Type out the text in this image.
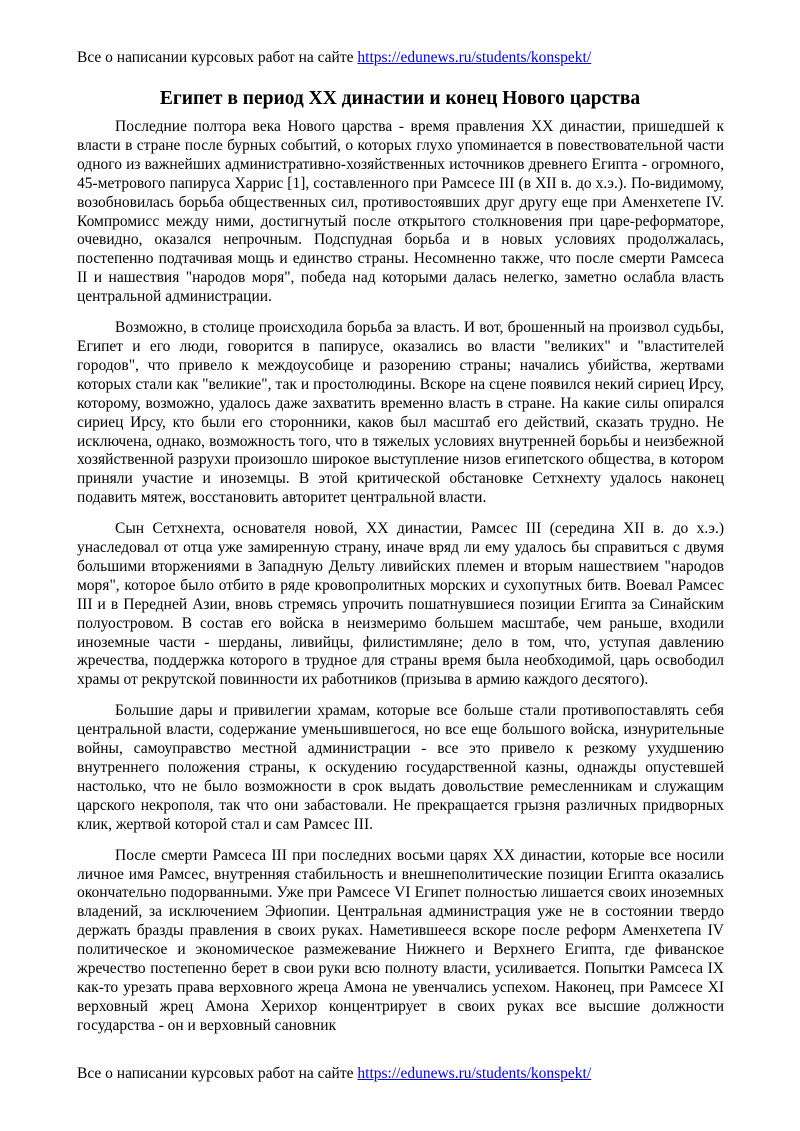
Все о написании курсовых работ на сайте https://edunews.ru/students/konspekt/
Египет в период XX династии и конец Нового царства

Последние полтора века Нового царства - время правления XX династии, пришедшей к власти в стране после бурных событий, о которых глухо упоминается в повествовательной части одного из важнейших административно-хозяйственных источников древнего Египта - огромного, 45-метрового папируса Харрис [1], составленного при Рамсесе III (в XII в. до х.э.). По-видимому, возобновилась борьба общественных сил, противостоявших друг другу еще при Аменхетепе IV. Компромисс между ними, достигнутый после открытого столкновения при царе-реформаторе, очевидно, оказался непрочным. Подспудная борьба и в новых условиях продолжалась, постепенно подтачивая мощь и единство страны. Несомненно также, что после смерти Рамсеса II и нашествия "народов моря", победа над которыми далась нелегко, заметно ослабла власть центральной администрации.

Возможно, в столице происходила борьба за власть. И вот, брошенный на произвол судьбы, Египет и его люди, говорится в папирусе, оказались во власти "великих" и "властителей городов", что привело к междоусобице и разорению страны; начались убийства, жертвами которых стали как "великие", так и простолюдины. Вскоре на сцене появился некий сириец Ирсу, которому, возможно, удалось даже захватить временно власть в стране. На какие силы опирался сириец Ирсу, кто были его сторонники, каков был масштаб его действий, сказать трудно. Не исключена, однако, возможность того, что в тяжелых условиях внутренней борьбы и неизбежной хозяйственной разрухи произошло широкое выступление низов египетского общества, в котором приняли участие и иноземцы. В этой критической обстановке Сетхнехту удалось наконец подавить мятеж, восстановить авторитет центральной власти.

Сын Сетхнехта, основателя новой, XX династии, Рамсес III (середина XII в. до х.э.) унаследовал от отца уже замиренную страну, иначе вряд ли ему удалось бы справиться с двумя большими вторжениями в Западную Дельту ливийских племен и вторым нашествием "народов моря", которое было отбито в ряде кровопролитных морских и сухопутных битв. Воевал Рамсес III и в Передней Азии, вновь стремясь упрочить пошатнувшиеся позиции Египта за Синайским полуостровом. В состав его войска в неизмеримо большем масштабе, чем раньше, входили иноземные части - шерданы, ливийцы, филистимляне; дело в том, что, уступая давлению жречества, поддержка которого в трудное для страны время была необходимой, царь освободил храмы от рекрутской повинности их работников (призыва в армию каждого десятого).

Большие дары и привилегии храмам, которые все больше стали противопоставлять себя центральной власти, содержание уменьшившегося, но все еще большого войска, изнурительные войны, самоуправство местной администрации - все это привело к резкому ухудшению внутреннего положения страны, к оскудению государственной казны, однажды опустевшей настолько, что не было возможности в срок выдать довольствие ремесленникам и служащим царского некрополя, так что они забастовали. Не прекращается грызня различных придворных клик, жертвой которой стал и сам Рамсес III.

После смерти Рамсеса III при последних восьми царях XX династии, которые все носили личное имя Рамсес, внутренняя стабильность и внешнеполитические позиции Египта оказались окончательно подорванными. Уже при Рамсесе VI Египет полностью лишается своих иноземных владений, за исключением Эфиопии. Центральная администрация уже не в состоянии твердо держать бразды правления в своих руках. Наметившееся вскоре после реформ Аменхетепа IV политическое и экономическое размежевание Нижнего и Верхнего Египта, где фиванское жречество постепенно берет в свои руки всю полноту власти, усиливается. Попытки Рамсеса IX как-то урезать права верховного жреца Амона не увенчались успехом. Наконец, при Рамсесе XI верховный жрец Амона Херихор концентрирует в своих руках все высшие должности государства - он и верховный сановник

Все о написании курсовых работ на сайте https://edunews.ru/students/konspekt/
